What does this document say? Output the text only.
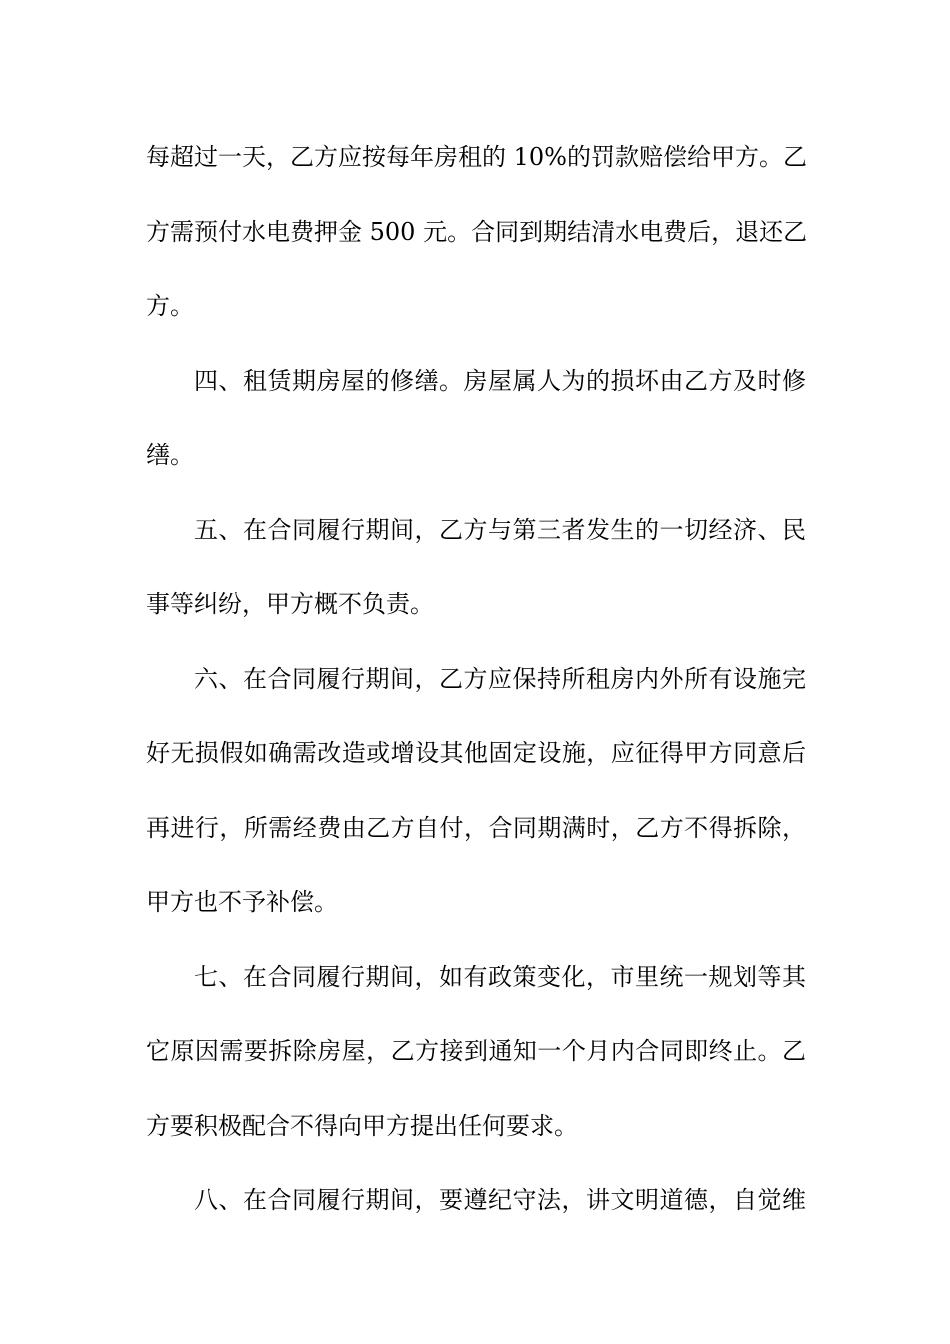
每超过一天，乙方应按每年房租的 10%的罚款赔偿给甲方。乙
方需预付水电费押金 500 元。合同到期结清水电费后，退还乙
方。
四、租赁期房屋的修缮。房屋属人为的损坏由乙方及时修
缮。
五、在合同履行期间，乙方与第三者发生的一切经济、民
事等纠纷，甲方概不负责。
六、在合同履行期间，乙方应保持所租房内外所有设施完
好无损假如确需改造或增设其他固定设施，应征得甲方同意后
再进行，所需经费由乙方自付，合同期满时，乙方不得拆除，
甲方也不予补偿。
七、在合同履行期间，如有政策变化，市里统一规划等其
它原因需要拆除房屋，乙方接到通知一个月内合同即终止。乙
方要积极配合不得向甲方提出任何要求。
八、在合同履行期间，要遵纪守法，讲文明道德，自觉维
